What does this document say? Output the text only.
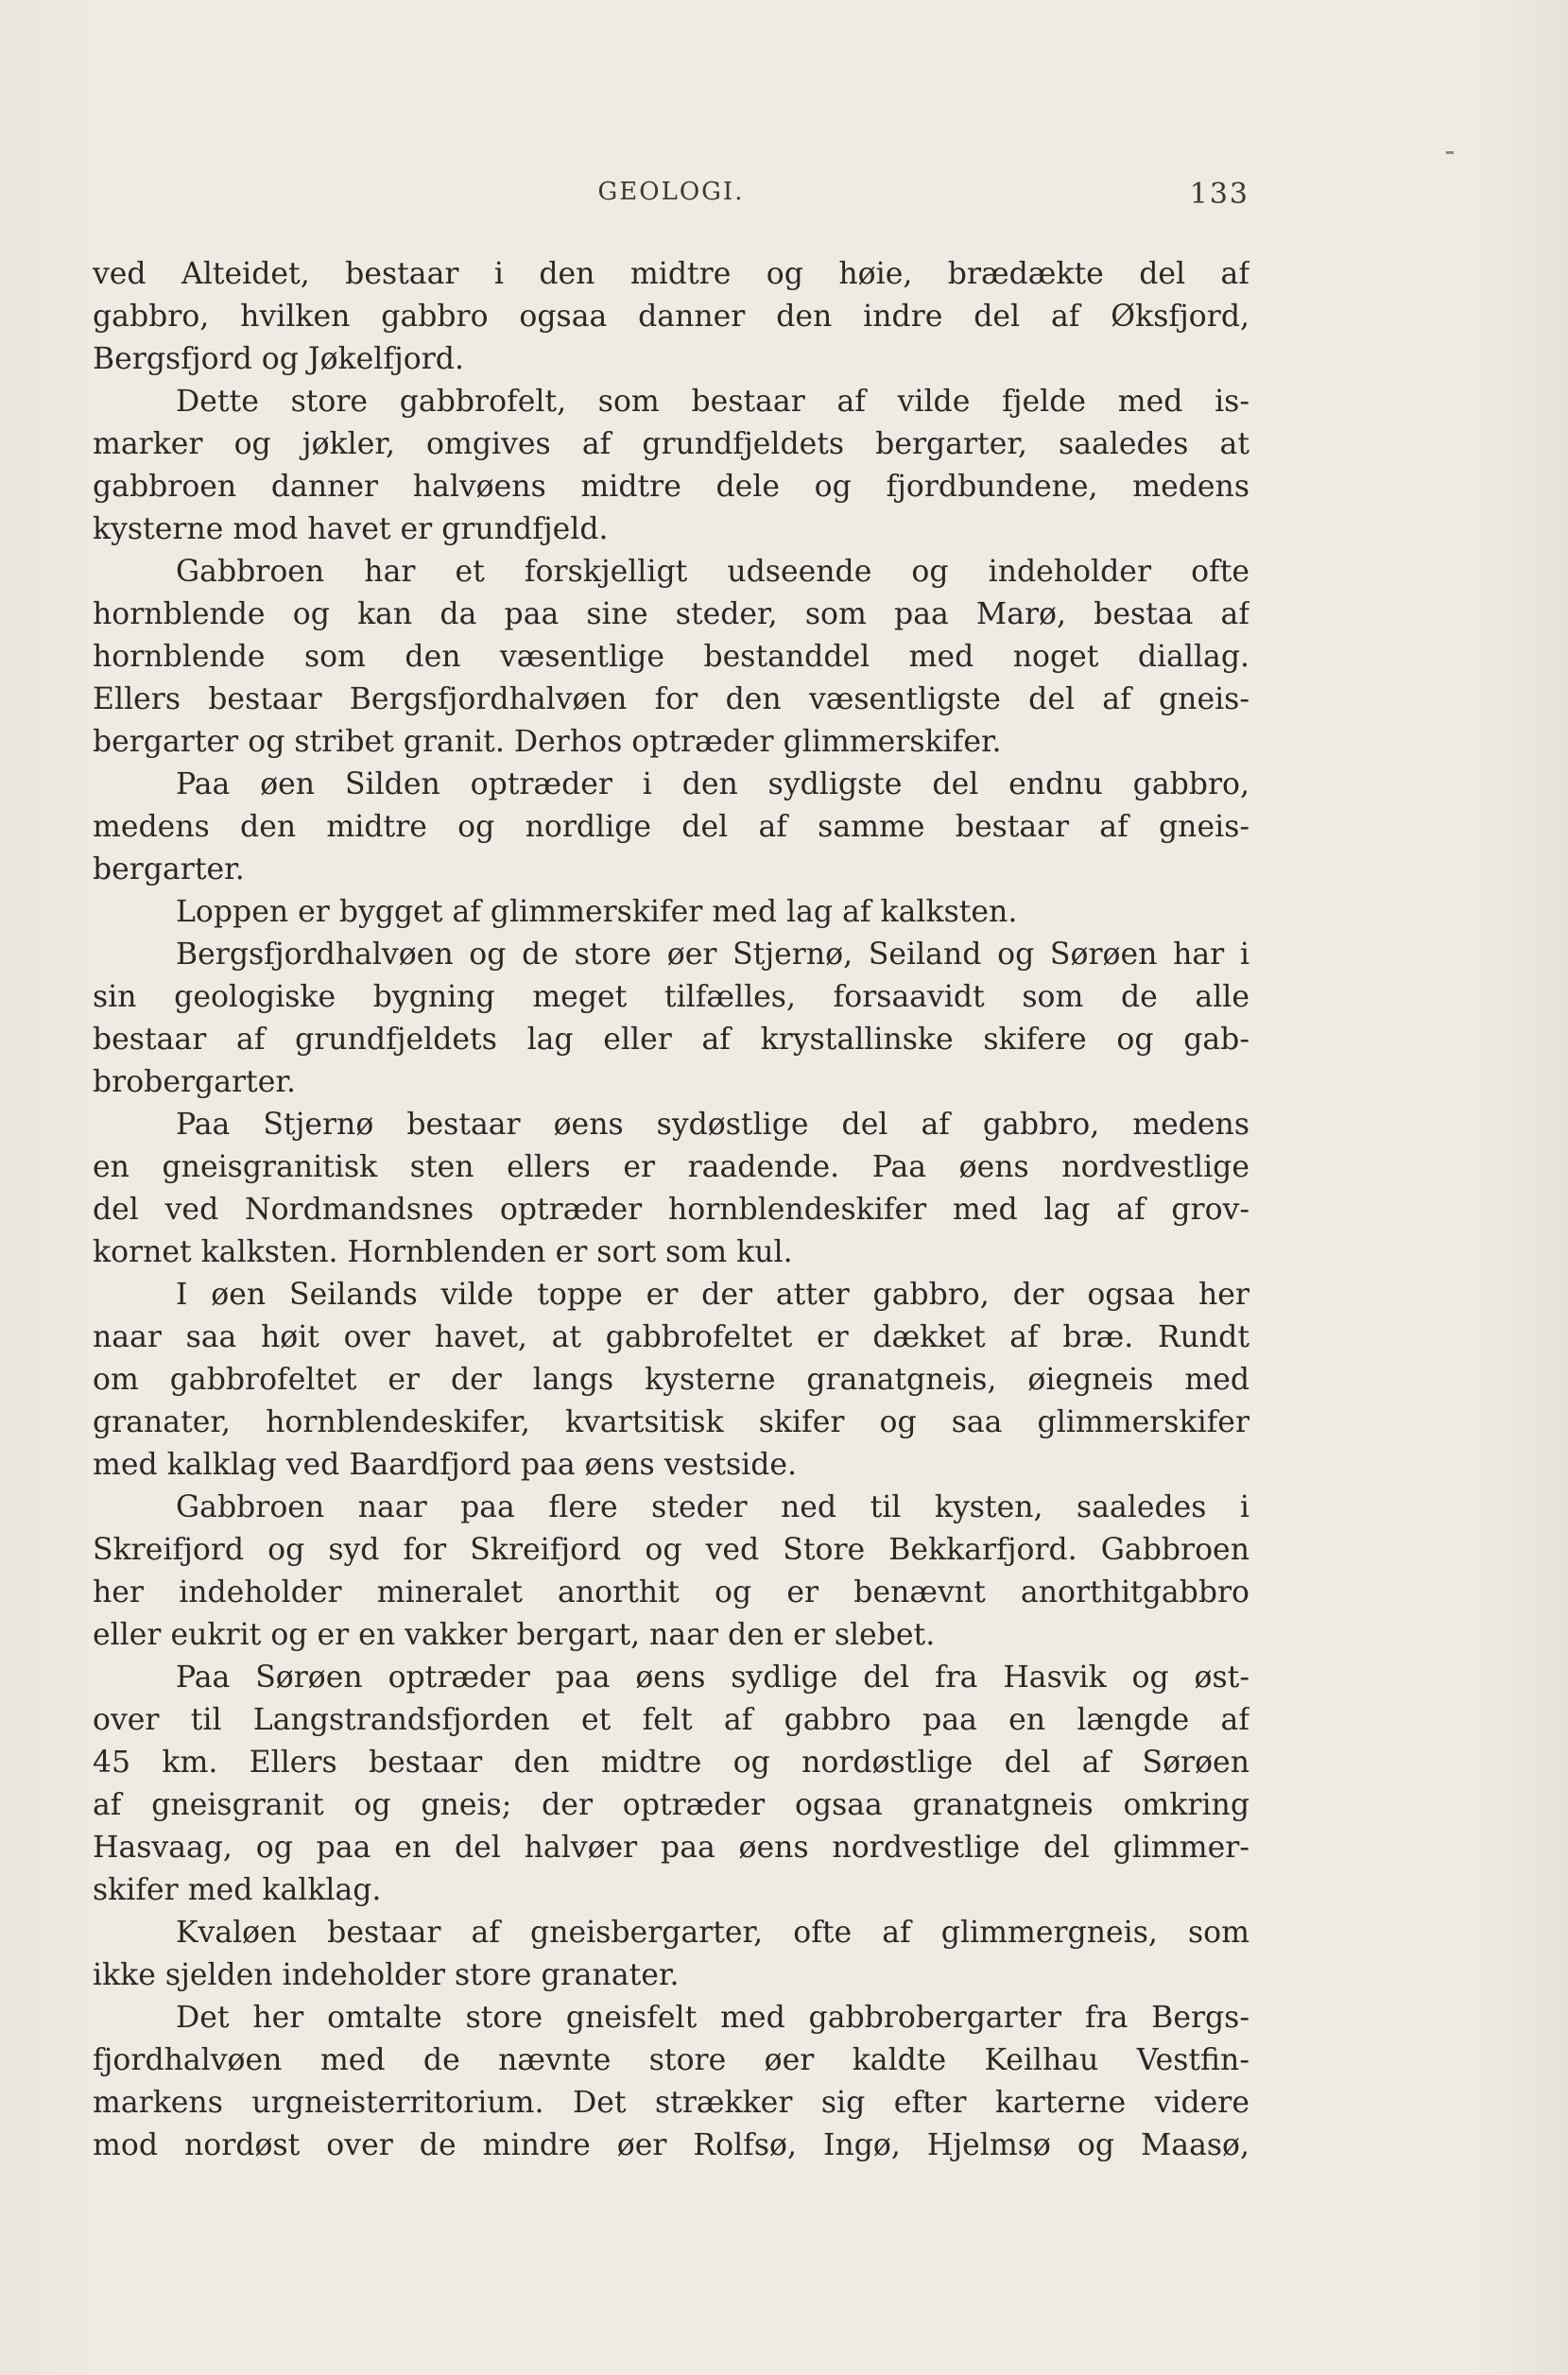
GEOLOGI.	133
ved Alteidet, bestaar i den midtre og høie, brædækte del af
gabbro, hvilken gabbro ogsaa danner den indre del af Øksfjord,
Bergsfjord og Jøkelfjord.
Dette store gabbrofelt, som bestaar af vilde fjelde med is-
marker og jøkler, omgives af grundfjeldets bergarter, saaledes at
gabbroen danner halvøens midtre dele og fjordbundene, medens
kysterne mod havet er grundfjeld.
Gabbroen har et forskjelligt udseende og indeholder ofte
hornblende og kan da paa sine steder, som paa Marø, bestaa af
hornblende som den væsentlige bestanddel med noget diallag.
Ellers bestaar Bergsfjordhalvøen for den væsentligste del af gneis-
bergarter og stribet granit. Derhos optræder glimmerskifer.
Paa øen Silden optræder i den sydligste del endnu gabbro,
medens den midtre og nordlige del af samme bestaar af gneis-
bergarter.
Loppen er bygget af glimmerskifer med lag af kalksten.
Bergsfjordhalvøen og de store øer Stjernø, Seiland og Sørøen har i
sin geologiske bygning meget tilfælles, forsaavidt som de alle
bestaar af grundfjeldets lag eller af krystallinske skifere og gab-
brobergarter.
Paa Stjernø bestaar øens sydøstlige del af gabbro, medens
en gneisgranitisk sten ellers er raadende. Paa øens nordvestlige
del ved Nordmandsnes optræder hornblendeskifer med lag af grov-
kornet kalksten. Hornblenden er sort som kul.
I øen Seilands vilde toppe er der atter gabbro, der ogsaa her
naar saa høit over havet, at gabbrofeltet er dækket af bræ. Rundt
om gabbrofeltet er der langs kysterne granatgneis, øiegneis med
granater, hornblendeskifer, kvartsitisk skifer og saa glimmerskifer
med kalklag ved Baardfjord paa øens vestside.
Gabbroen naar paa flere steder ned til kysten, saaledes i
Skreifjord og syd for Skreifjord og ved Store Bekkarfjord. Gabbroen
her indeholder mineralet anorthit og er benævnt anorthitgabbro
eller eukrit og er en vakker bergart, naar den er slebet.
Paa Sørøen optræder paa øens sydlige del fra Hasvik og øst-
over til Langstrandsfjorden et felt af gabbro paa en længde af
45 km. Ellers bestaar den midtre og nordøstlige del af Sørøen
af gneisgranit og gneis; der optræder ogsaa granatgneis omkring
Hasvaag, og paa en del halvøer paa øens nordvestlige del glimmer-
skifer med kalklag.
Kvaløen bestaar af gneisbergarter, ofte af glimmergneis, som
ikke sjelden indeholder store granater.
Det her omtalte store gneisfelt med gabbrobergarter fra Bergs-
fjordhalvøen med de nævnte store øer kaldte Keilhau Vestfin-
markens urgneisterritorium. Det strækker sig efter karterne videre
mod nordøst over de mindre øer Rolfsø, Ingø, Hjelmsø og Maasø,
